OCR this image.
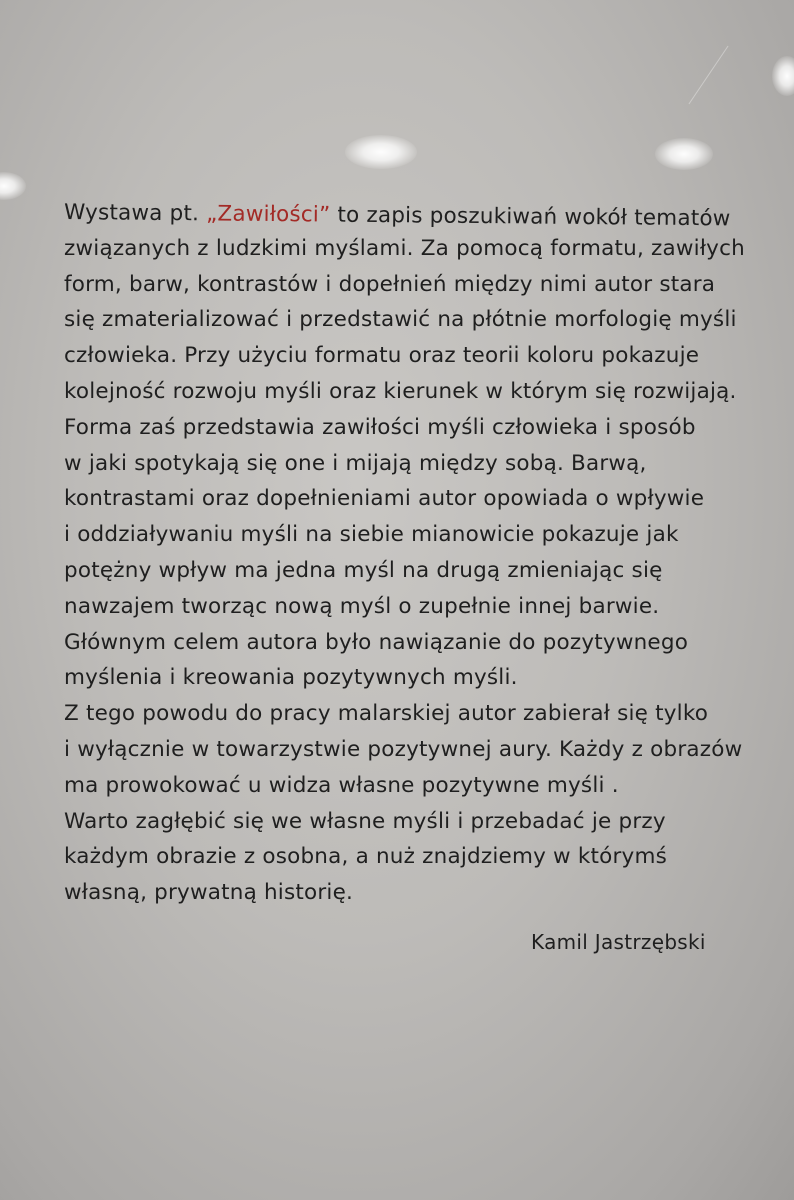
Wystawa pt. „Zawiłości” to zapis poszukiwań wokół tematów
związanych z ludzkimi myślami. Za pomocą formatu, zawiłych
form, barw, kontrastów i dopełnień między nimi autor stara
się zmaterializować i przedstawić na płótnie morfologię myśli
człowieka. Przy użyciu formatu oraz teorii koloru pokazuje
kolejność rozwoju myśli oraz kierunek w którym się rozwijają.
Forma zaś przedstawia zawiłości myśli człowieka i sposób
w jaki spotykają się one i mijają między sobą. Barwą,
kontrastami oraz dopełnieniami autor opowiada o wpływie
i oddziaływaniu myśli na siebie mianowicie pokazuje jak
potężny wpływ ma jedna myśl na drugą zmieniając się
nawzajem tworząc nową myśl o zupełnie innej barwie.
Głównym celem autora było nawiązanie do pozytywnego
myślenia i kreowania pozytywnych myśli.
Z tego powodu do pracy malarskiej autor zabierał się tylko
i wyłącznie w towarzystwie pozytywnej aury. Każdy z obrazów
ma prowokować u widza własne pozytywne myśli .
Warto zagłębić się we własne myśli i przebadać je przy
każdym obrazie z osobna, a nuż znajdziemy w którymś
własną, prywatną historię.
Kamil Jastrzębski
